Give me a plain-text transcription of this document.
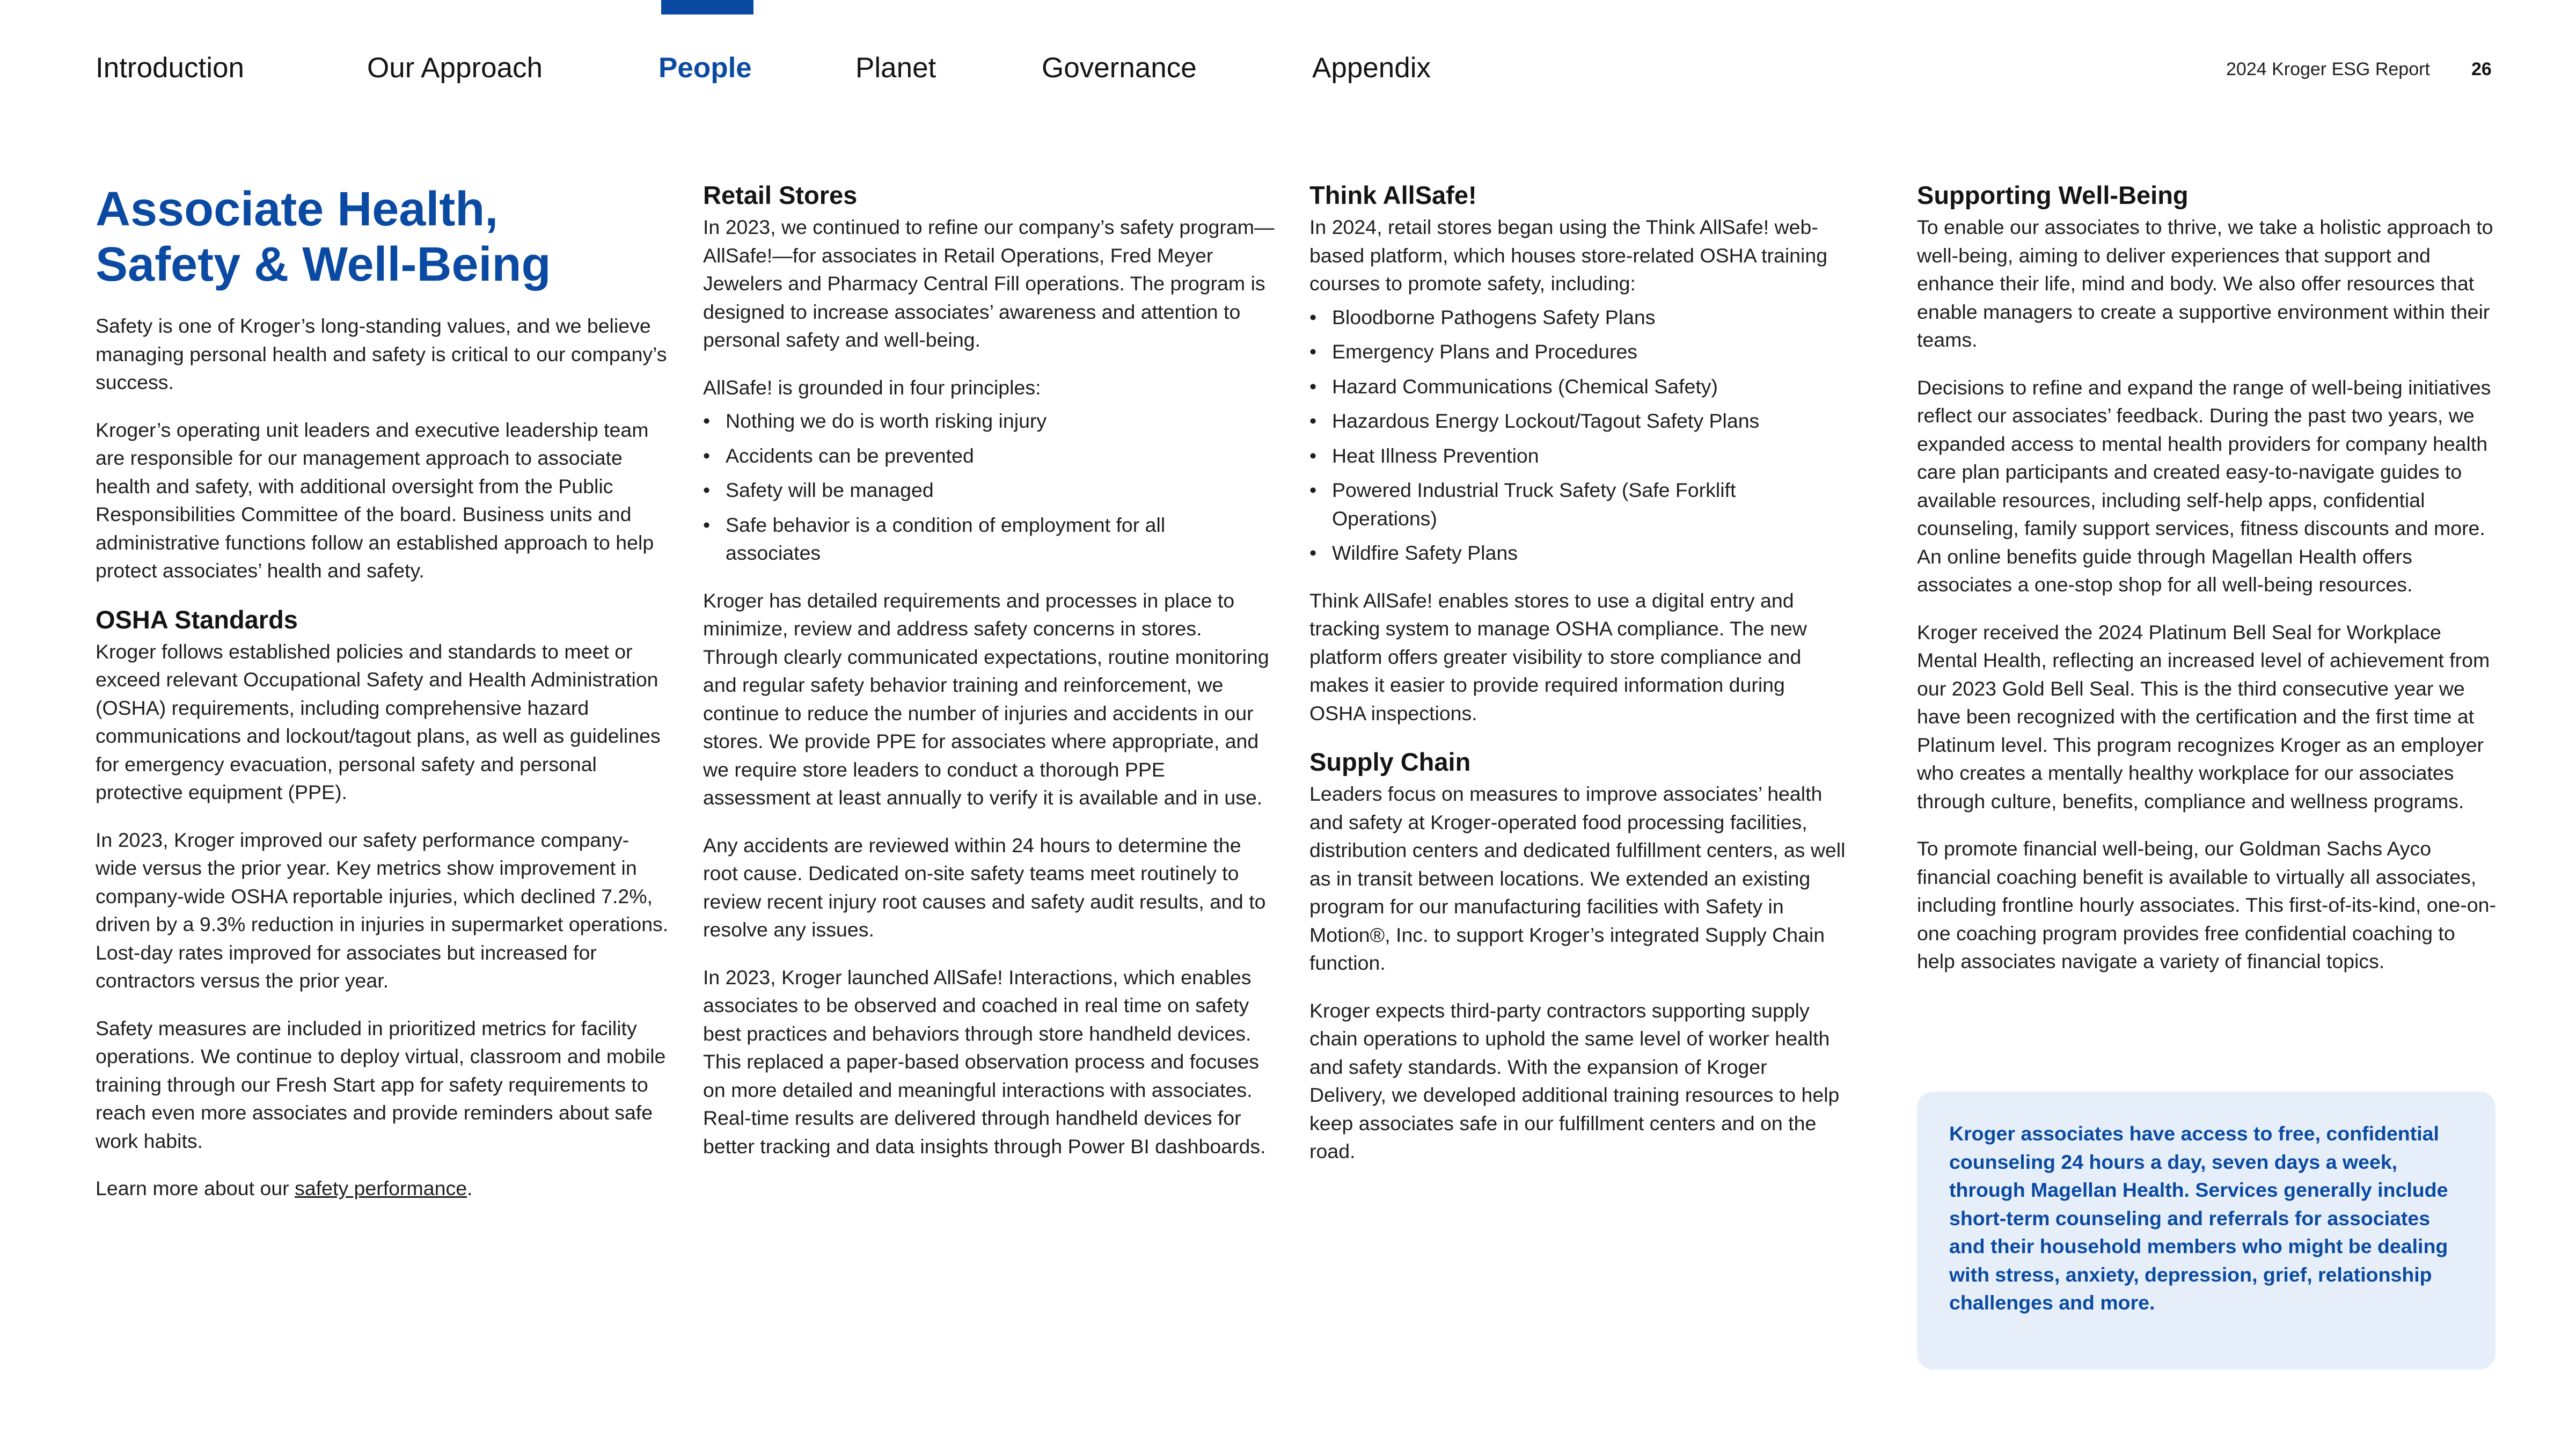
Introduction	Our Approach	People	Planet	Governance	Appendix	2024 Kroger ESG Report 26
Associate Health,
Safety & Well-Being

Safety is one of Kroger’s long-standing values, and we believe managing personal health and safety is critical to our company’s success.

Kroger’s operating unit leaders and executive leadership team are responsible for our management approach to associate health and safety, with additional oversight from the Public Responsibilities Committee of the board. Business units and administrative functions follow an established approach to help protect associates’ health and safety.

OSHA Standards

Kroger follows established policies and standards to meet or exceed relevant Occupational Safety and Health Administration (OSHA) requirements, including comprehensive hazard communications and lockout/tagout plans, as well as guidelines for emergency evacuation, personal safety and personal protective equipment (PPE).

In 2023, Kroger improved our safety performance company-wide versus the prior year. Key metrics show improvement in company-wide OSHA reportable injuries, which declined 7.2%, driven by a 9.3% reduction in injuries in supermarket operations. Lost-day rates improved for associates but increased for contractors versus the prior year.

Safety measures are included in prioritized metrics for facility operations. We continue to deploy virtual, classroom and mobile training through our Fresh Start app for safety requirements to reach even more associates and provide reminders about safe work habits.

Learn more about our safety performance.

Retail Stores

In 2023, we continued to refine our company’s safety program—AllSafe!—for associates in Retail Operations, Fred Meyer Jewelers and Pharmacy Central Fill operations. The program is designed to increase associates’ awareness and attention to personal safety and well-being.

AllSafe! is grounded in four principles:

• Nothing we do is worth risking injury
• Accidents can be prevented
• Safety will be managed
• Safe behavior is a condition of employment for all associates

Kroger has detailed requirements and processes in place to minimize, review and address safety concerns in stores. Through clearly communicated expectations, routine monitoring and regular safety behavior training and reinforcement, we continue to reduce the number of injuries and accidents in our stores. We provide PPE for associates where appropriate, and we require store leaders to conduct a thorough PPE assessment at least annually to verify it is available and in use.

Any accidents are reviewed within 24 hours to determine the root cause. Dedicated on-site safety teams meet routinely to review recent injury root causes and safety audit results, and to resolve any issues.

In 2023, Kroger launched AllSafe! Interactions, which enables associates to be observed and coached in real time on safety best practices and behaviors through store handheld devices. This replaced a paper-based observation process and focuses on more detailed and meaningful interactions with associates. Real-time results are delivered through handheld devices for better tracking and data insights through Power BI dashboards.

Think AllSafe!

In 2024, retail stores began using the Think AllSafe! web-based platform, which houses store-related OSHA training courses to promote safety, including:

• Bloodborne Pathogens Safety Plans
• Emergency Plans and Procedures
• Hazard Communications (Chemical Safety)
• Hazardous Energy Lockout/Tagout Safety Plans
• Heat Illness Prevention
• Powered Industrial Truck Safety (Safe Forklift Operations)
• Wildfire Safety Plans

Think AllSafe! enables stores to use a digital entry and tracking system to manage OSHA compliance. The new platform offers greater visibility to store compliance and makes it easier to provide required information during OSHA inspections.

Supply Chain

Leaders focus on measures to improve associates’ health and safety at Kroger-operated food processing facilities, distribution centers and dedicated fulfillment centers, as well as in transit between locations. We extended an existing program for our manufacturing facilities with Safety in Motion®, Inc. to support Kroger’s integrated Supply Chain function.

Kroger expects third-party contractors supporting supply chain operations to uphold the same level of worker health and safety standards. With the expansion of Kroger Delivery, we developed additional training resources to help keep associates safe in our fulfillment centers and on the road.

Supporting Well-Being

To enable our associates to thrive, we take a holistic approach to well-being, aiming to deliver experiences that support and enhance their life, mind and body. We also offer resources that enable managers to create a supportive environment within their teams.

Decisions to refine and expand the range of well-being initiatives reflect our associates’ feedback. During the past two years, we expanded access to mental health providers for company health care plan participants and created easy-to-navigate guides to available resources, including self-help apps, confidential counseling, family support services, fitness discounts and more. An online benefits guide through Magellan Health offers associates a one-stop shop for all well-being resources.

Kroger received the 2024 Platinum Bell Seal for Workplace Mental Health, reflecting an increased level of achievement from our 2023 Gold Bell Seal. This is the third consecutive year we have been recognized with the certification and the first time at Platinum level. This program recognizes Kroger as an employer who creates a mentally healthy workplace for our associates through culture, benefits, compliance and wellness programs.

To promote financial well-being, our Goldman Sachs Ayco financial coaching benefit is available to virtually all associates, including frontline hourly associates. This first-of-its-kind, one-on-one coaching program provides free confidential coaching to help associates navigate a variety of financial topics.

Kroger associates have access to free, confidential counseling 24 hours a day, seven days a week, through Magellan Health. Services generally include short-term counseling and referrals for associates and their household members who might be dealing with stress, anxiety, depression, grief, relationship challenges and more.
